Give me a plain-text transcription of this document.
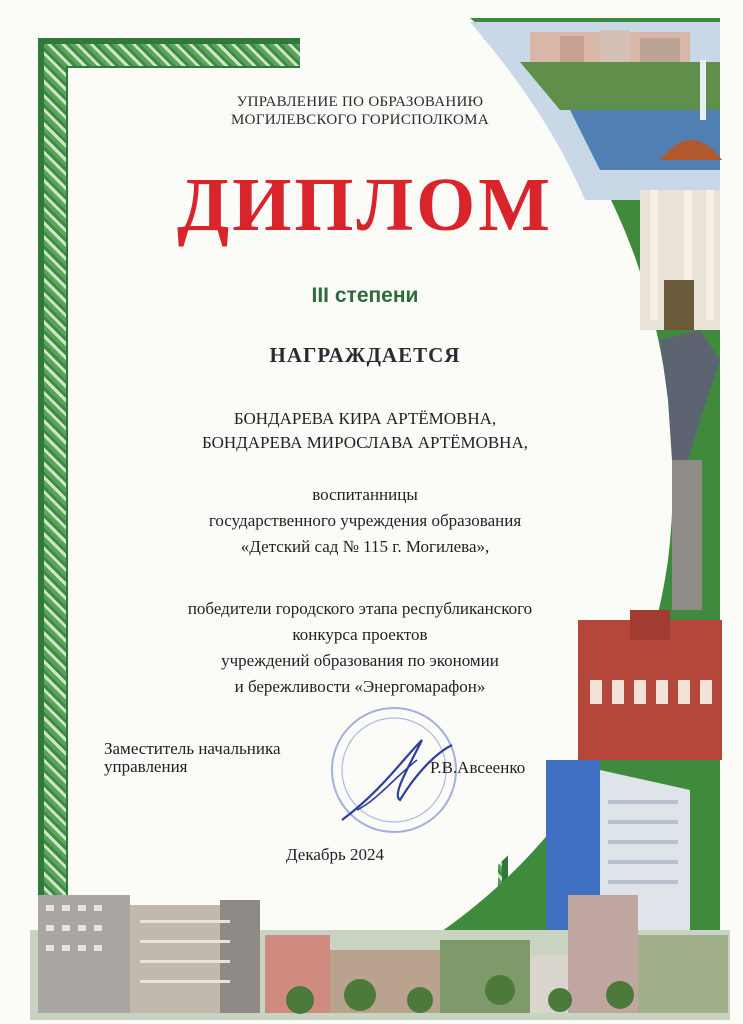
УПРАВЛЕНИЕ ПО ОБРАЗОВАНИЮ
МОГИЛЕВСКОГО ГОРИСПОЛКОМА
ДИПЛОМ
III степени
НАГРАЖДАЕТСЯ
БОНДАРЕВА КИРА АРТЁМОВНА,
БОНДАРЕВА МИРОСЛАВА АРТЁМОВНА,
воспитанницы
государственного учреждения образования
«Детский сад № 115 г. Могилева»,
победители городского этапа республиканского
конкурса проектов
учреждений образования по экономии
и бережливости «Энергомарафон»
Заместитель начальника
управления	Р.В.Авсеенко
Декабрь 2024
